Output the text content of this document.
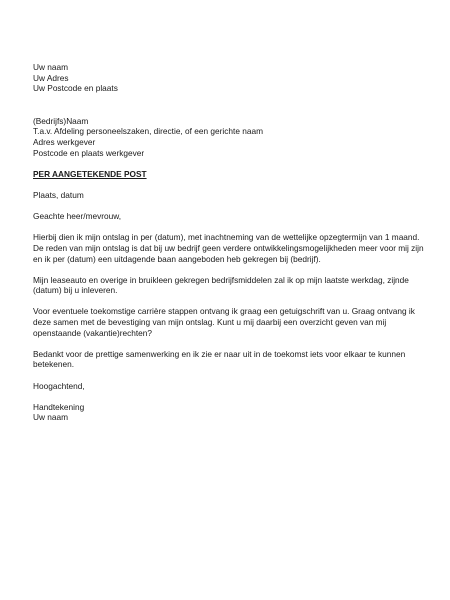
Uw naam
Uw Adres
Uw Postcode en plaats
(Bedrijfs)Naam
T.a.v. Afdeling personeelszaken, directie, of een gerichte naam
Adres werkgever
Postcode en plaats werkgever
PER AANGETEKENDE POST
Plaats, datum
Geachte heer/mevrouw,
Hierbij dien ik mijn ontslag in per (datum), met inachtneming van de wettelijke opzegtermijn van 1 maand. De reden van mijn ontslag is dat bij uw bedrijf geen verdere ontwikkelingsmogelijkheden meer voor mij zijn en ik per (datum) een uitdagende baan aangeboden heb gekregen bij (bedrijf).
Mijn leaseauto en overige in bruikleen gekregen bedrijfsmiddelen zal ik op mijn laatste werkdag, zijnde (datum) bij u inleveren.
Voor eventuele toekomstige carrière stappen ontvang ik graag een getuigschrift van u. Graag ontvang ik deze samen met de bevestiging van mijn ontslag. Kunt u mij daarbij een overzicht geven van mij openstaande (vakantie)rechten?
Bedankt voor de prettige samenwerking en ik zie er naar uit in de toekomst iets voor elkaar te kunnen betekenen.
Hoogachtend,
Handtekening
Uw naam
